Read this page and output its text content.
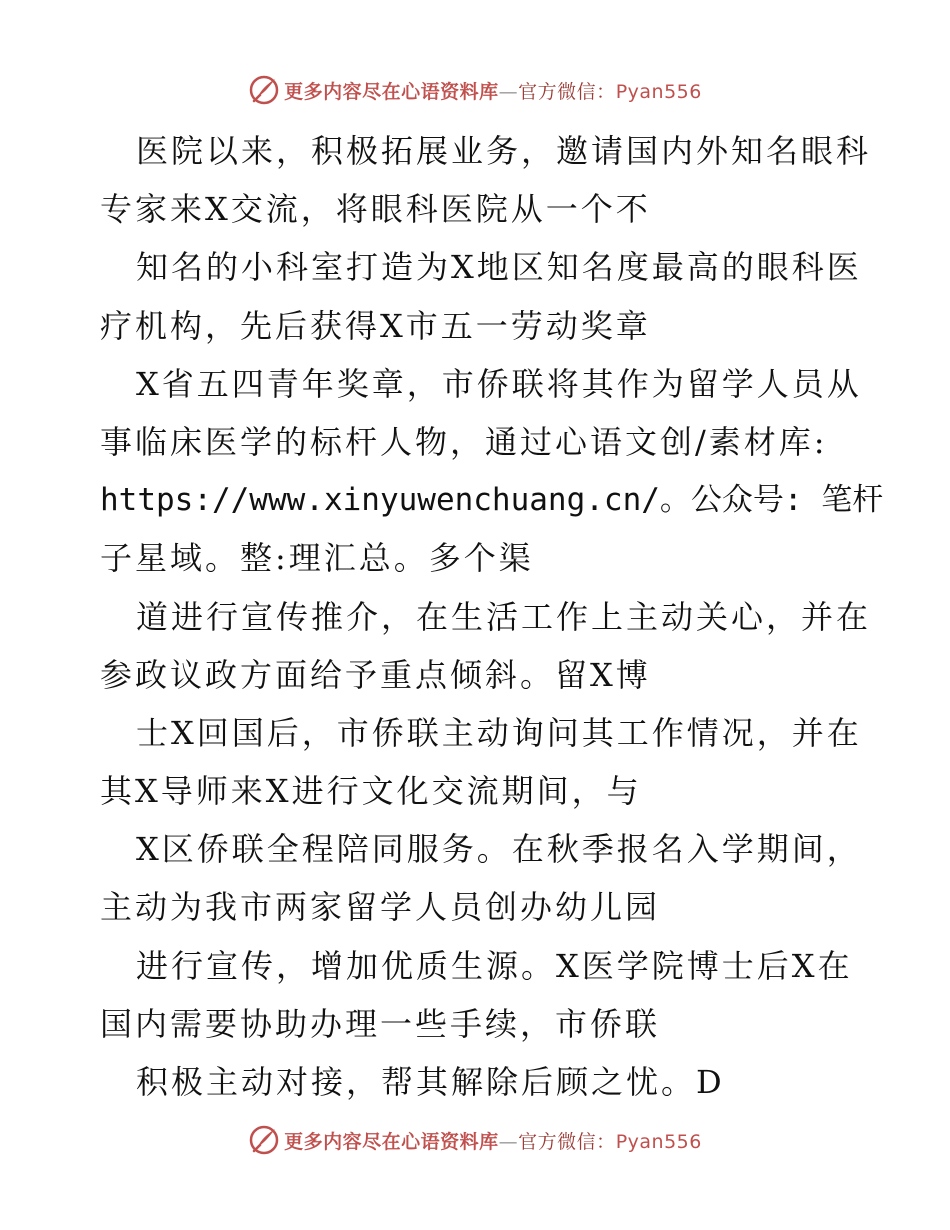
更多内容尽在心语资料库—官方微信：Pyan556
医院以来，积极拓展业务，邀请国内外知名眼科
专家来X交流，将眼科医院从一个不
知名的小科室打造为X地区知名度最高的眼科医
疗机构，先后获得X市五一劳动奖章
X省五四青年奖章，市侨联将其作为留学人员从
事临床医学的标杆人物，通过心语文创/素材库:
https://www.xinyuwenchuang.cn/。公众号: 笔杆
子星域。整:理汇总。多个渠
道进行宣传推介，在生活工作上主动关心，并在
参政议政方面给予重点倾斜。留X博
士X回国后，市侨联主动询问其工作情况，并在
其X导师来X进行文化交流期间，与
X区侨联全程陪同服务。在秋季报名入学期间，
主动为我市两家留学人员创办幼儿园
进行宣传，增加优质生源。X医学院博士后X在
国内需要协助办理一些手续，市侨联
积极主动对接，帮其解除后顾之忧。D
更多内容尽在心语资料库—官方微信：Pyan556
